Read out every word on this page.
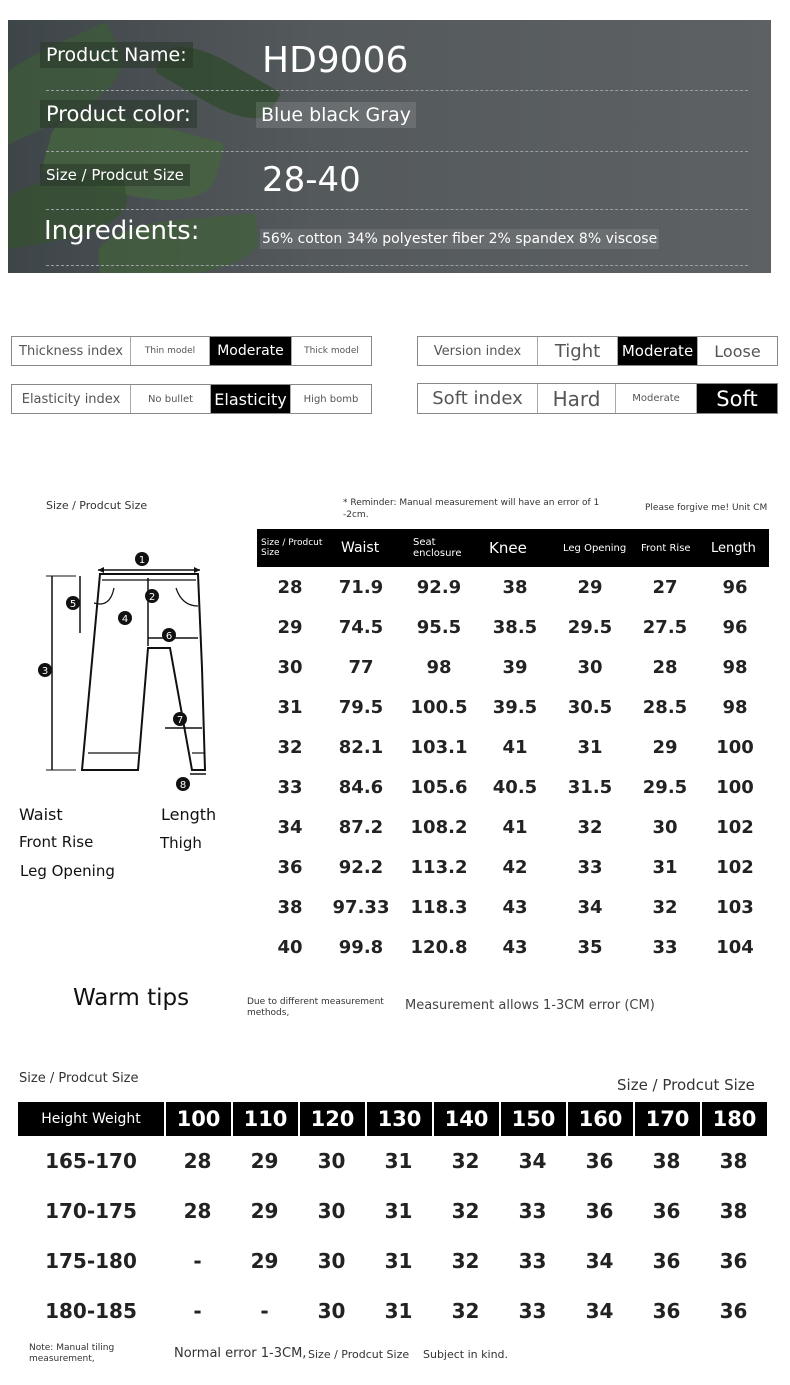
Product Name: HD9006
Product color:	Blue black Gray
Size / Prodcut Size 28-40
Ingredients:	56% cotton 34% polyester fiber 2% spandex 8% viscose
Thickness index	Thin model	Moderate	Thick model	Version index	Tight	Moderate	Loose
Elasticity index	No bullet	Elasticity	High bomb	Soft index	Hard	Moderate	Soft
Size / Prodcut Size	* Reminder: Manual measurement will have an error of 1 -2cm.
Please forgive me! Unit CM
1
2
3
4
5
6
7
8
Waist	Length
Front Rise	Thigh
Leg Opening
Size / Prodcut Size	Waist	Seat enclosure	Knee	Leg Opening	Front Rise	Length
28	71.9	92.9	38	29	27	96
29	74.5	95.5	38.5	29.5	27.5	96
30	77	98	39	30	28	98
31	79.5	100.5	39.5	30.5	28.5	98
32	82.1	103.1	41	31	29	100
33	84.6	105.6	40.5	31.5	29.5	100
34	87.2	108.2	41	32	30	102
36	92.2	113.2	42	33	31	102
38	97.33	118.3	43	34	32	103
40	99.8	120.8	43	35	33	104
Warm tips	Due to different measurement methods,	Measurement allows 1-3CM error (CM)
Size / Prodcut Size	Size / Prodcut Size
Height Weight	100	110	120	130	140	150	160	170	180
165-170	28	29	30	31	32	34	36	38	38
170-175	28	29	30	31	32	33	36	36	38
175-180	-	29	30	31	32	33	34	36	36
180-185	-	-	30	31	32	33	34	36	36
Note: Manual tiling measurement,	Normal error 1-3CM, Size / Prodcut Size Subject in kind.
